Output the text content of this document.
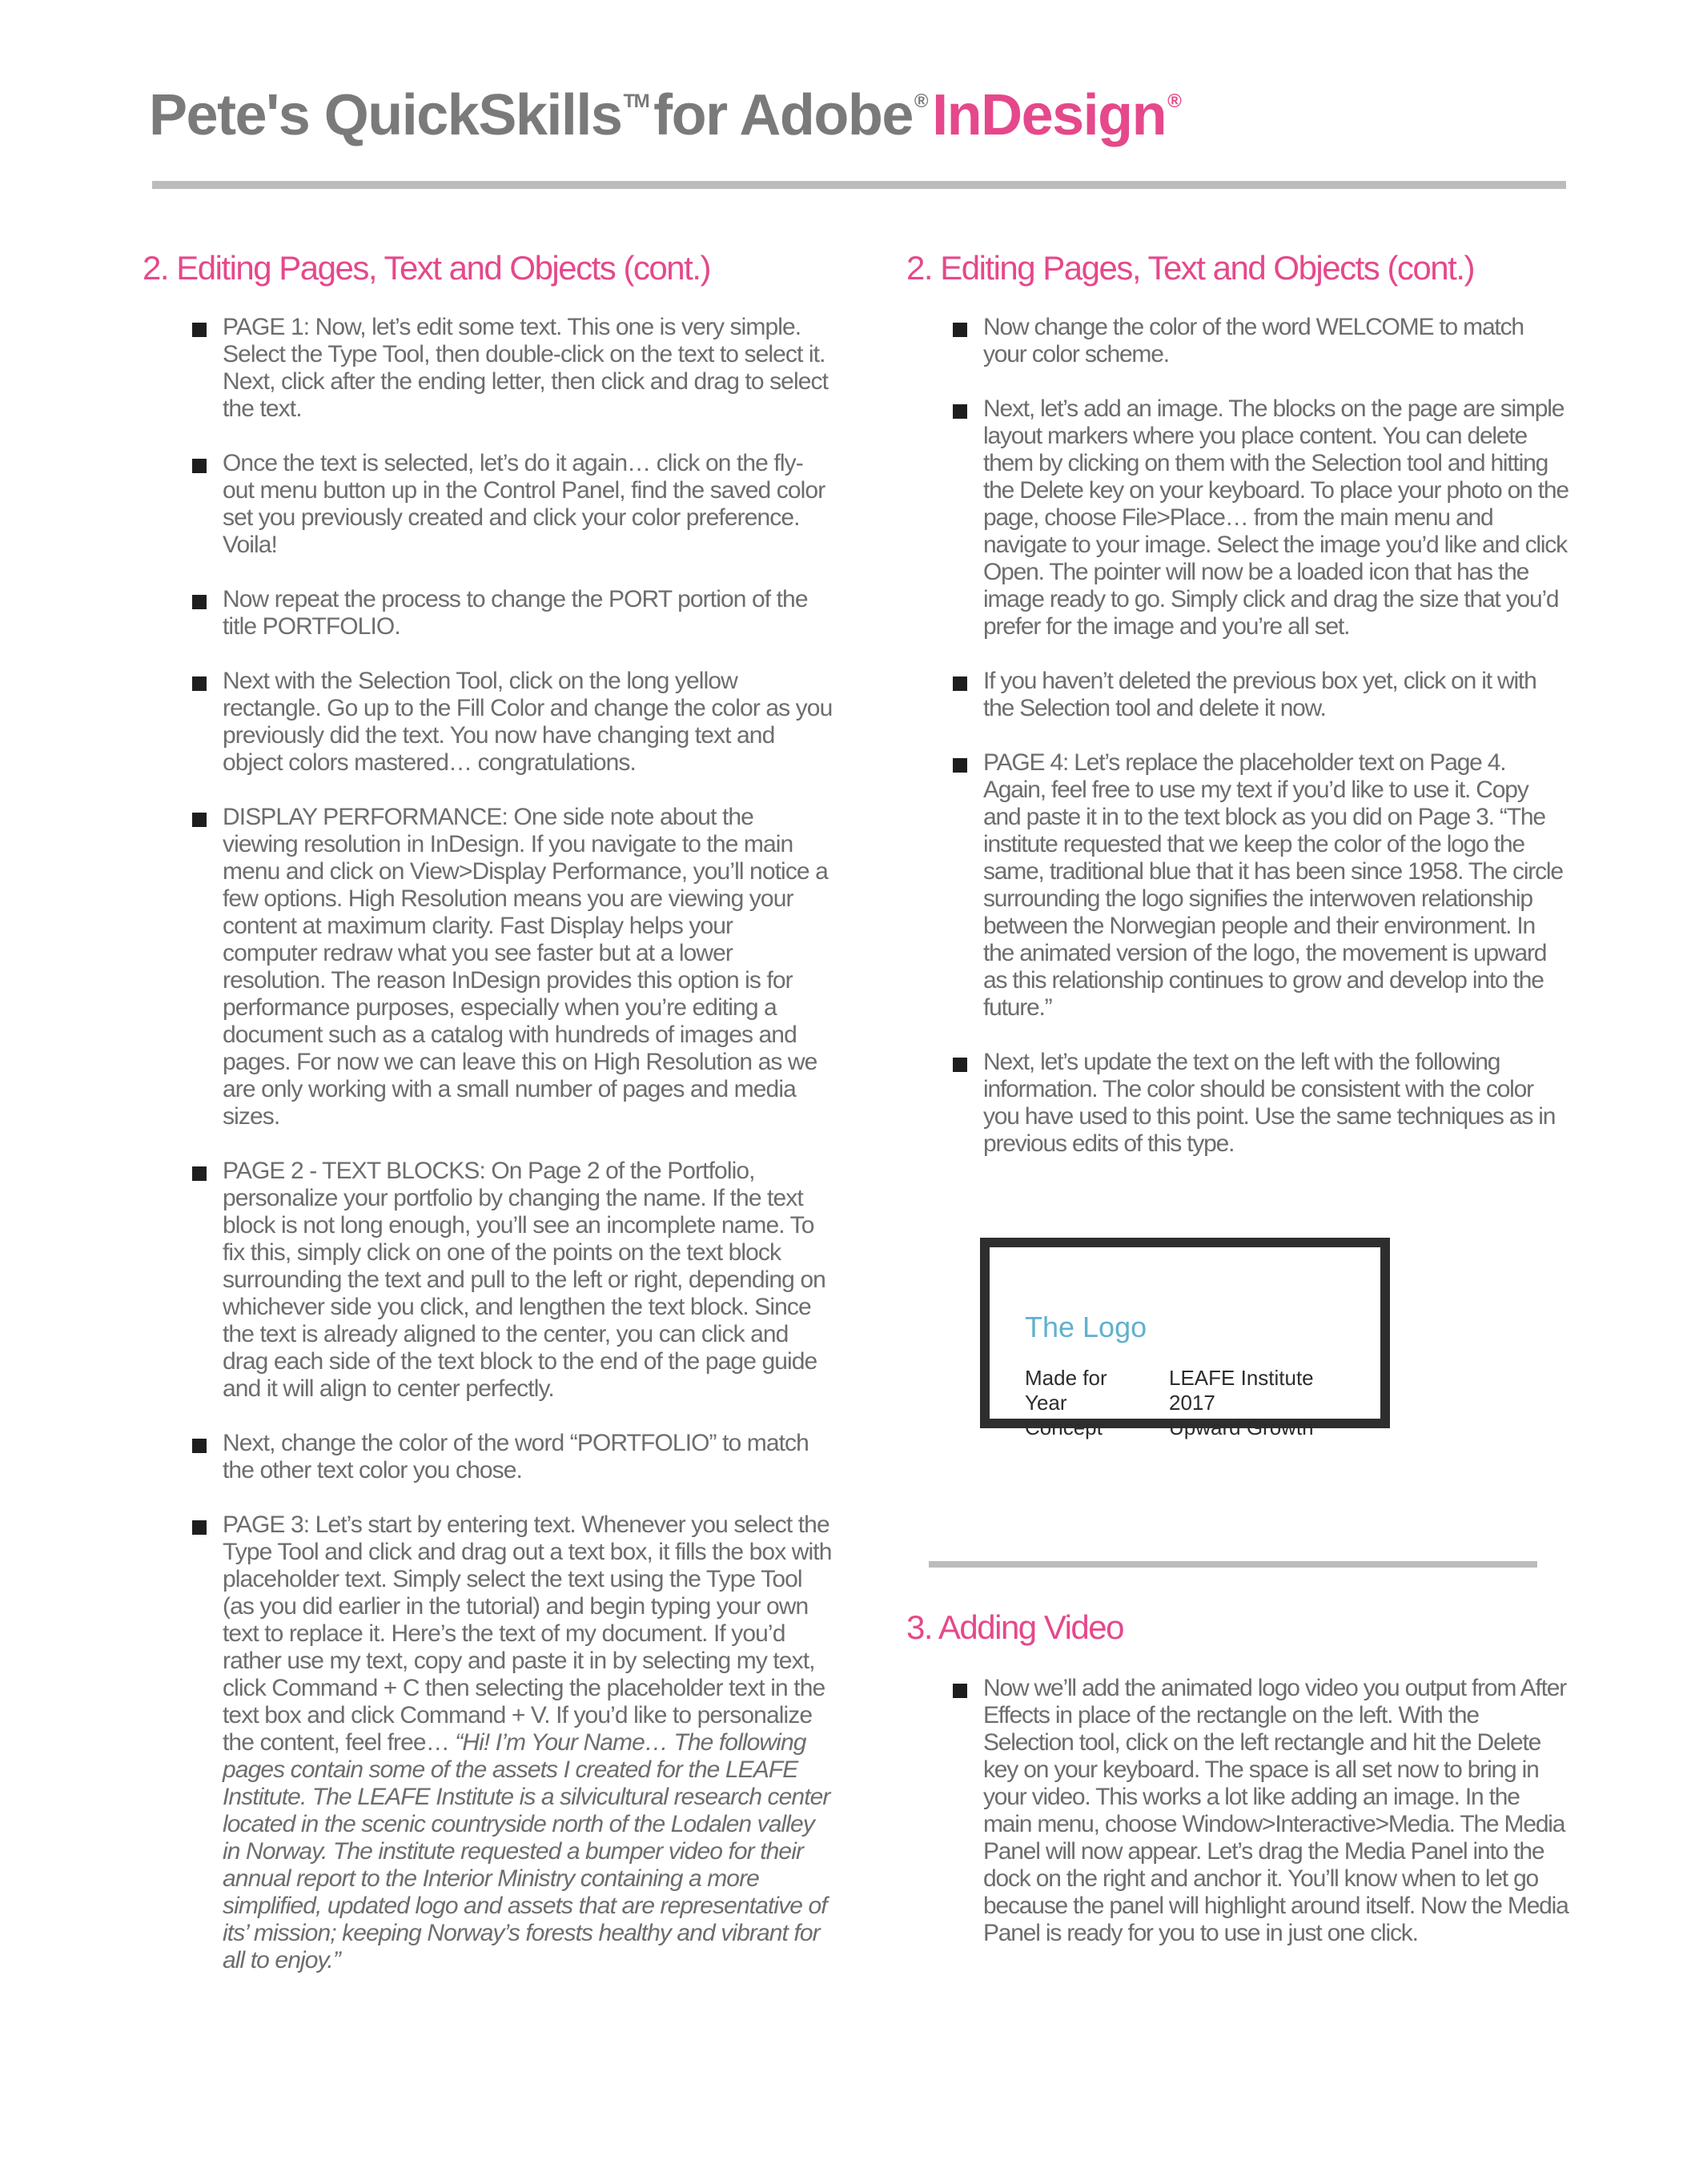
Pete's QuickSkills™for Adobe®InDesign®
2. Editing Pages, Text and Objects (cont.)
PAGE 1: Now, let’s edit some text. This one is very simple. Select the Type Tool, then double-click on the text to select it. Next, click after the ending letter, then click and drag to select the text.
Once the text is selected, let’s do it again… click on the fly-out menu button up in the Control Panel, find the saved color set you previously created and click your color preference. Voila!
Now repeat the process to change the PORT portion of the title PORTFOLIO.
Next with the Selection Tool, click on the long yellow rectangle. Go up to the Fill Color and change the color as you previously did the text. You now have changing text and object colors mastered… congratulations.
DISPLAY PERFORMANCE: One side note about the viewing resolution in InDesign. If you navigate to the main menu and click on View>Display Performance, you’ll notice a few options. High Resolution means you are viewing your content at maximum clarity. Fast Display helps your computer redraw what you see faster but at a lower resolution. The reason InDesign provides this option is for performance purposes, especially when you’re editing a document such as a catalog with hundreds of images and pages. For now we can leave this on High Resolution as we are only working with a small number of pages and media sizes.
PAGE 2 - TEXT BLOCKS: On Page 2 of the Portfolio, personalize your portfolio by changing the name. If the text block is not long enough, you’ll see an incomplete name. To fix this, simply click on one of the points on the text block surrounding the text and pull to the left or right, depending on whichever side you click, and lengthen the text block. Since the text is already aligned to the center, you can click and drag each side of the text block to the end of the page guide and it will align to center perfectly.
Next, change the color of the word “PORTFOLIO” to match the other text color you chose.
PAGE 3: Let’s start by entering text. Whenever you select the Type Tool and click and drag out a text box, it fills the box with placeholder text. Simply select the text using the Type Tool (as you did earlier in the tutorial) and begin typing your own text to replace it. Here’s the text of my document. If you’d rather use my text, copy and paste it in by selecting my text, click Command + C then selecting the placeholder text in the text box and click Command + V. If you’d like to personalize the content, feel free… “Hi! I’m Your Name… The following pages contain some of the assets I created for the LEAFE Institute. The LEAFE Institute is a silvicultural research center located in the scenic countryside north of the Lodalen valley in Norway. The institute requested a bumper video for their annual report to the Interior Ministry containing a more simplified, updated logo and assets that are representative of its’ mission; keeping Norway’s forests healthy and vibrant for all to enjoy.”
2. Editing Pages, Text and Objects (cont.)
Now change the color of the word WELCOME to match your color scheme.
Next, let’s add an image. The blocks on the page are simple layout markers where you place content. You can delete them by clicking on them with the Selection tool and hitting the Delete key on your keyboard. To place your photo on the page, choose File>Place… from the main menu and navigate to your image. Select the image you’d like and click Open. The pointer will now be a loaded icon that has the image ready to go. Simply click and drag the size that you’d prefer for the image and you’re all set.
If you haven’t deleted the previous box yet, click on it with the Selection tool and delete it now.
PAGE 4: Let’s replace the placeholder text on Page 4. Again, feel free to use my text if you’d like to use it. Copy and paste it in to the text block as you did on Page 3. “The institute requested that we keep the color of the logo the same, traditional blue that it has been since 1958. The circle surrounding the logo signifies the interwoven relationship between the Norwegian people and their environment. In the animated version of the logo, the movement is upward as this relationship continues to grow and develop into the future.”
Next, let’s update the text on the left with the following information. The color should be consistent with the color you have used to this point. Use the same techniques as in previous edits of this type.
The Logo
Made for	LEAFE Institute
Year	2017
Concept	Upward Growth
3. Adding Video
Now we’ll add the animated logo video you output from After Effects in place of the rectangle on the left. With the Selection tool, click on the left rectangle and hit the Delete key on your keyboard. The space is all set now to bring in your video. This works a lot like adding an image. In the main menu, choose Window>Interactive>Media. The Media Panel will now appear. Let’s drag the Media Panel into the dock on the right and anchor it. You’ll know when to let go because the panel will highlight around itself. Now the Media Panel is ready for you to use in just one click.
